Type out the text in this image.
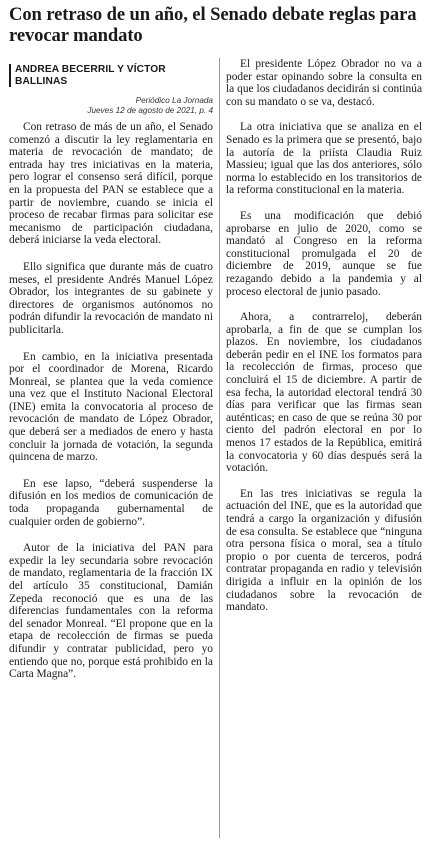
Con retraso de un año, el Senado debate reglas para revocar mandato
ANDREA BECERRIL Y VÍCTOR BALLINAS
Periódico La Jornada
Jueves 12 de agosto de 2021, p. 4

Con retraso de más de un año, el Senado comenzó a discutir la ley reglamentaria en materia de revocación de mandato; de entrada hay tres iniciativas en la materia, pero lograr el consenso será difícil, porque en la propuesta del PAN se establece que a partir de noviembre, cuando se inicia el proceso de recabar firmas para solicitar ese mecanismo de participación ciudadana, deberá iniciarse la veda electoral.

Ello significa que durante más de cuatro meses, el presidente Andrés Manuel López Obrador, los integrantes de su gabinete y directores de organismos autónomos no podrán difundir la revocación de mandato ni publicitarla.

En cambio, en la iniciativa presentada por el coordinador de Morena, Ricardo Monreal, se plantea que la veda comience una vez que el Instituto Nacional Electoral (INE) emita la convocatoria al proceso de revocación de mandato de López Obrador, que deberá ser a mediados de enero y hasta concluir la jornada de votación, la segunda quincena de marzo.

En ese lapso, “deberá suspenderse la difusión en los medios de comunicación de toda propaganda gubernamental de cualquier orden de gobierno”.

Autor de la iniciativa del PAN para expedir la ley secundaria sobre revocación de mandato, reglamentaria de la fracción IX del artículo 35 constitucional, Damián Zepeda reconoció que es una de las diferencias fundamentales con la reforma del senador Monreal. “El propone que en la etapa de recolección de firmas se pueda difundir y contratar publicidad, pero yo entiendo que no, porque está prohibido en la Carta Magna”.

El presidente López Obrador no va a poder estar opinando sobre la consulta en la que los ciudadanos decidirán si continúa con su mandato o se va, destacó.

La otra iniciativa que se analiza en el Senado es la primera que se presentó, bajo la autoría de la priísta Claudia Ruiz Massieu; igual que las dos anteriores, sólo norma lo establecido en los transitorios de la reforma constitucional en la materia.

Es una modificación que debió aprobarse en julio de 2020, como se mandató al Congreso en la reforma constitucional promulgada el 20 de diciembre de 2019, aunque se fue rezagando debido a la pandemia y al proceso electoral de junio pasado.

Ahora, a contrarreloj, deberán aprobarla, a fin de que se cumplan los plazos. En noviembre, los ciudadanos deberán pedir en el INE los formatos para la recolección de firmas, proceso que concluirá el 15 de diciembre. A partir de esa fecha, la autoridad electoral tendrá 30 días para verificar que las firmas sean auténticas; en caso de que se reúna 30 por ciento del padrón electoral en por lo menos 17 estados de la República, emitirá la convocatoria y 60 días después será la votación.

En las tres iniciativas se regula la actuación del INE, que es la autoridad que tendrá a cargo la organización y difusión de esa consulta. Se establece que “ninguna otra persona física o moral, sea a título propio o por cuenta de terceros, podrá contratar propaganda en radio y televisión dirigida a influir en la opinión de los ciudadanos sobre la revocación de mandato.
